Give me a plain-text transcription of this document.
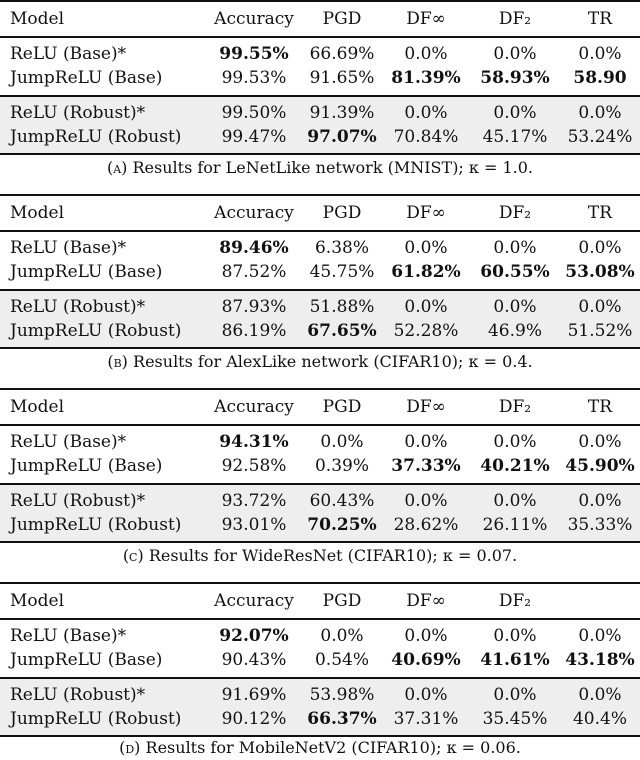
Model	Accuracy PGD	DF∞	DF₂	TR
ReLU (Base)*	99.55% 66.69% 0.0%	0.0% 0.0%
JumpReLU (Base)	99.53% 91.65% 81.39% 58.93% 58.90
ReLU (Robust)*	99.50% 91.39% 0.0%	0.0% 0.0%
JumpReLU (Robust) 99.47% 97.07% 70.84% 45.17% 53.24%
(a) Results for LeNetLike network (MNIST); κ = 1.0.
Model	Accuracy PGD	DF∞	DF₂	TR
ReLU (Base)*	89.46% 6.38% 0.0%	0.0% 0.0%
JumpReLU (Base)	87.52% 45.75% 61.82% 60.55% 53.08%
ReLU (Robust)*	87.93% 51.88% 0.0%	0.0% 0.0%
JumpReLU (Robust) 86.19% 67.65% 52.28% 46.9% 51.52%
(b) Results for AlexLike network (CIFAR10); κ = 0.4.
Model	Accuracy PGD	DF∞	DF₂	TR
ReLU (Base)*	94.31% 0.0% 0.0%	0.0% 0.0%
JumpReLU (Base)	92.58% 0.39% 37.33% 40.21% 45.90%
ReLU (Robust)*	93.72% 60.43% 0.0%	0.0% 0.0%
JumpReLU (Robust) 93.01% 70.25% 28.62% 26.11% 35.33%
(c) Results for WideResNet (CIFAR10); κ = 0.07.
Model	Accuracy PGD	DF∞	DF₂
ReLU (Base)*	92.07% 0.0% 0.0%	0.0% 0.0%
JumpReLU (Base)	90.43% 0.54% 40.69% 41.61% 43.18%
ReLU (Robust)*	91.69% 53.98% 0.0%	0.0% 0.0%
JumpReLU (Robust) 90.12% 66.37% 37.31% 35.45% 40.4%
(d) Results for MobileNetV2 (CIFAR10); κ = 0.06.
